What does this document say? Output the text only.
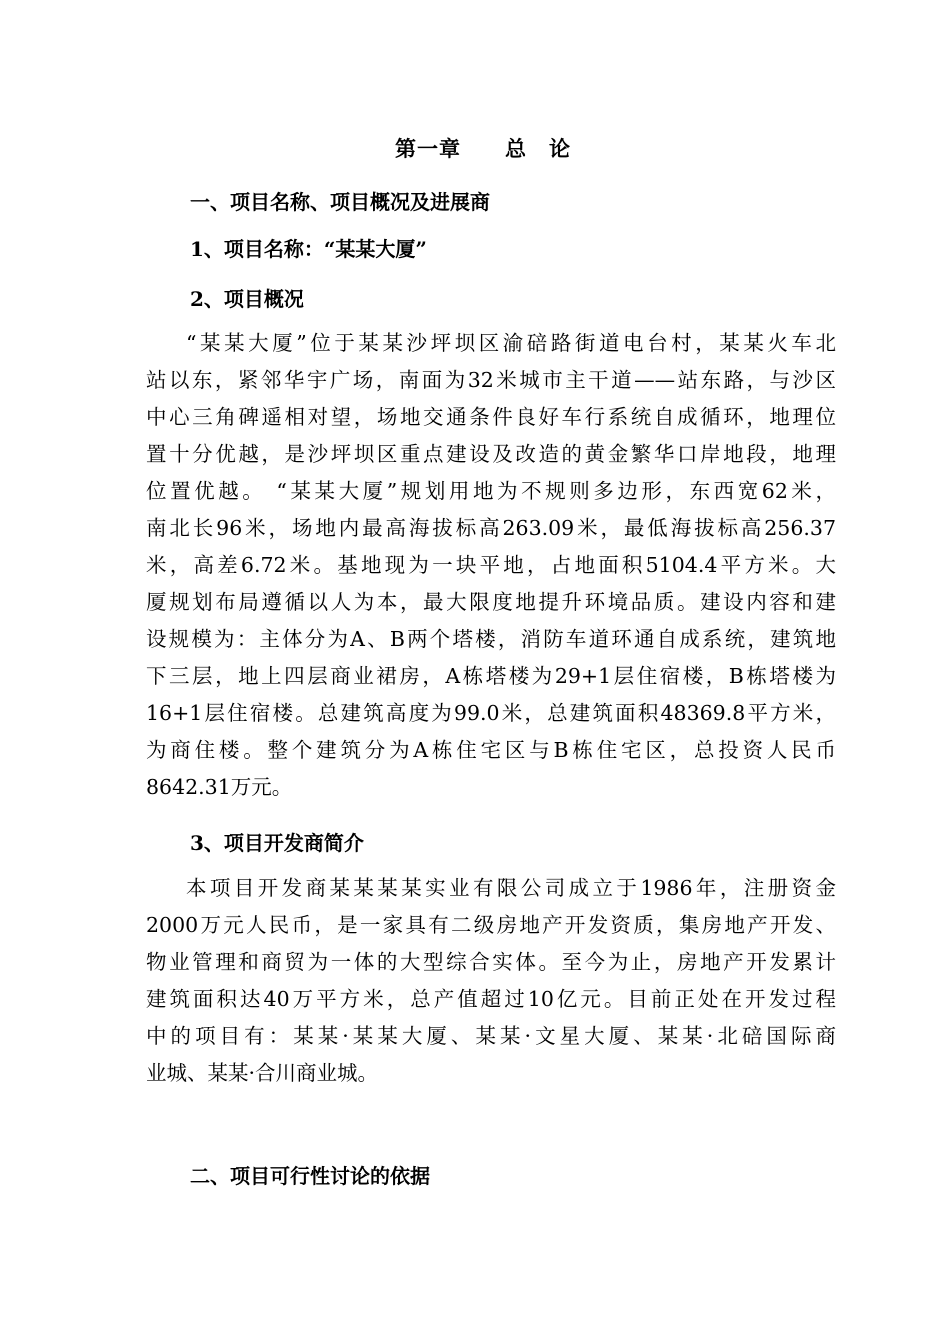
第一章　　总　论
一、项目名称、项目概况及进展商
1、项目名称：“某某大厦”
2、项目概况
“某某大厦”位于某某沙坪坝区渝碚路街道电台村，某某火车北
站以东，紧邻华宇广场，南面为32米城市主干道——站东路，与沙区
中心三角碑遥相对望，场地交通条件良好车行系统自成循环，地理位
置十分优越，是沙坪坝区重点建设及改造的黄金繁华口岸地段，地理
位置优越。 “某某大厦”规划用地为不规则多边形，东西宽62米，
南北长96米，场地内最高海拔标高263.09米，最低海拔标高256.37
米，高差6.72米。基地现为一块平地，占地面积5104.4平方米。大
厦规划布局遵循以人为本，最大限度地提升环境品质。建设内容和建
设规模为：主体分为A、B两个塔楼，消防车道环通自成系统，建筑地
下三层，地上四层商业裙房，A栋塔楼为29+1层住宿楼，B栋塔楼为
16+1层住宿楼。总建筑高度为99.0米，总建筑面积48369.8平方米，
为商住楼。整个建筑分为A栋住宅区与B栋住宅区，总投资人民币
8642.31万元。
3、项目开发商简介
本项目开发商某某某某实业有限公司成立于1986年，注册资金
2000万元人民币，是一家具有二级房地产开发资质，集房地产开发、
物业管理和商贸为一体的大型综合实体。至今为止，房地产开发累计
建筑面积达40万平方米，总产值超过10亿元。目前正处在开发过程
中的项目有：某某·某某大厦、某某·文星大厦、某某·北碚国际商
业城、某某·合川商业城。
二、项目可行性讨论的依据
